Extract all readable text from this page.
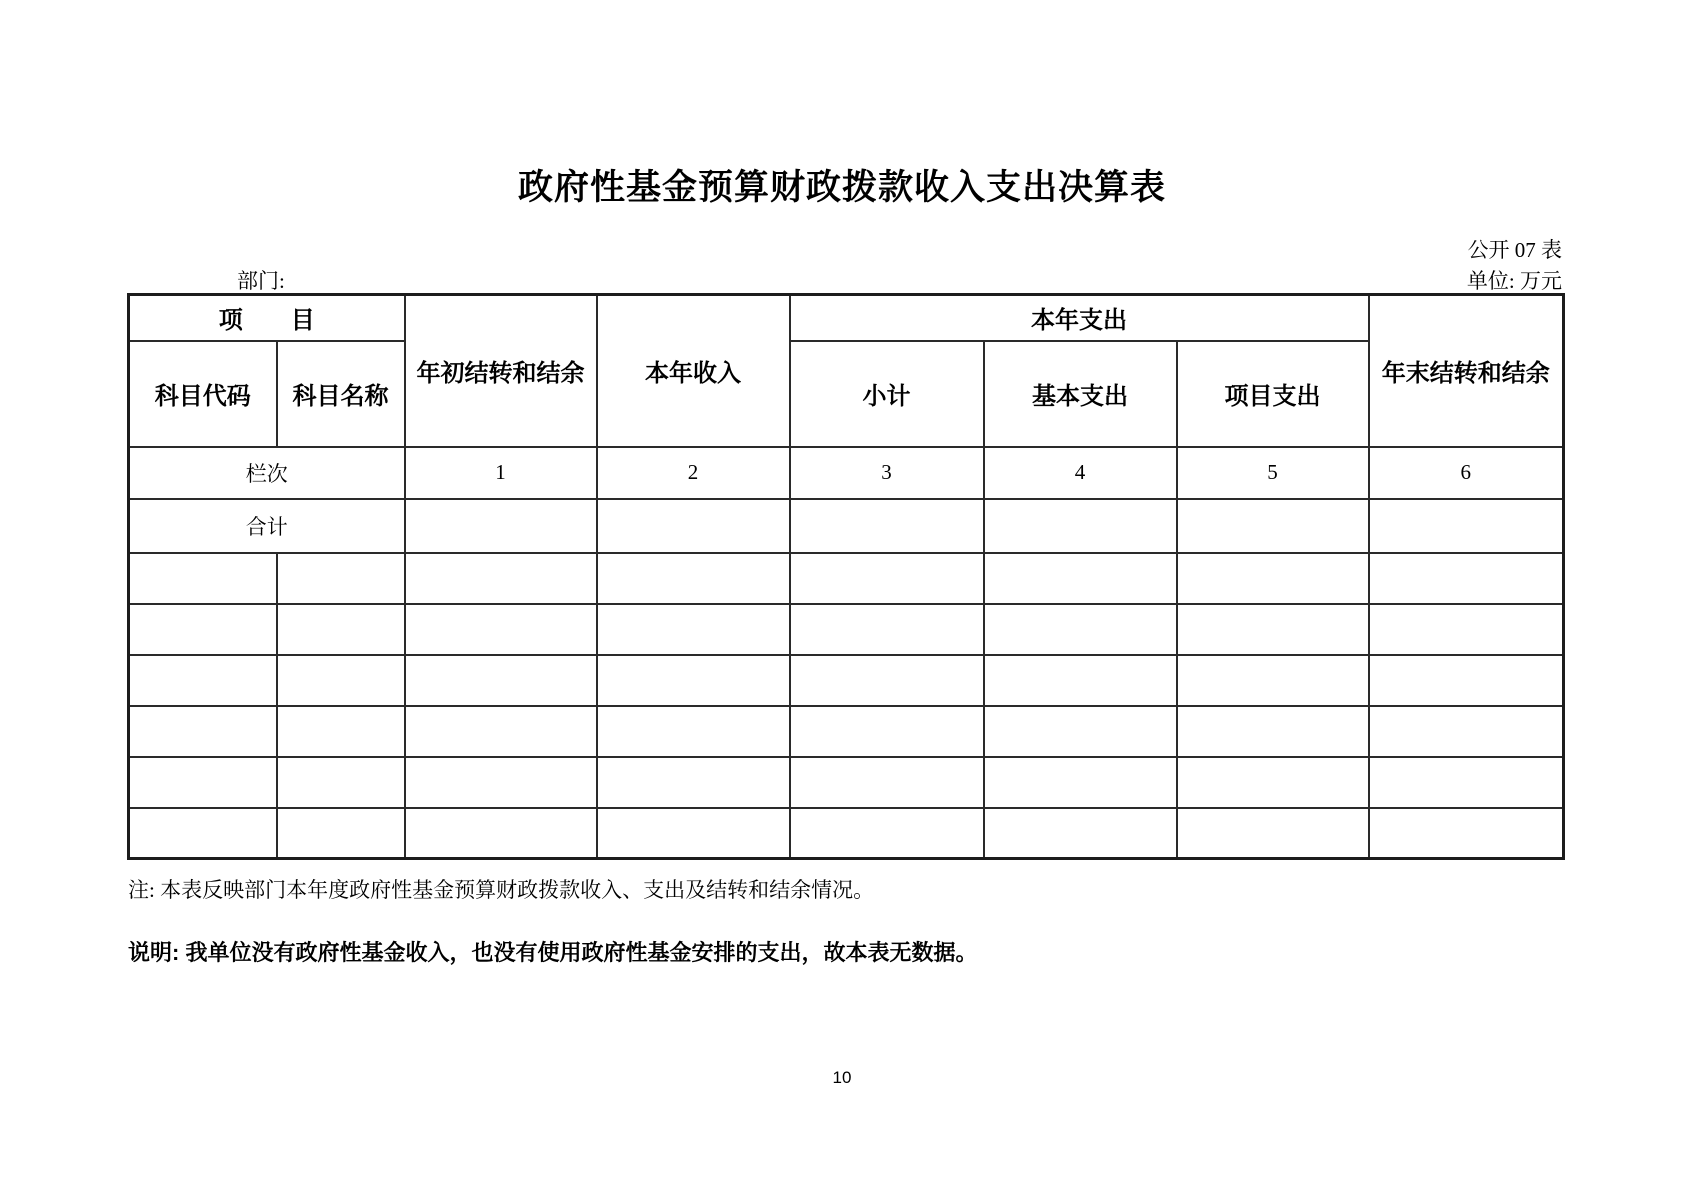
政府性基金预算财政拨款收入支出决算表
公开 07 表
部门:	单位: 万元
项　　目		年初结转和结余	本年收入	本年支出			年末结转和结余
科目代码	科目名称			小计	基本支出	项目支出	
栏次		1	2	3	4	5	6
合计							

注: 本表反映部门本年度政府性基金预算财政拨款收入、支出及结转和结余情况。
说明: 我单位没有政府性基金收入，也没有使用政府性基金安排的支出，故本表无数据。
10
